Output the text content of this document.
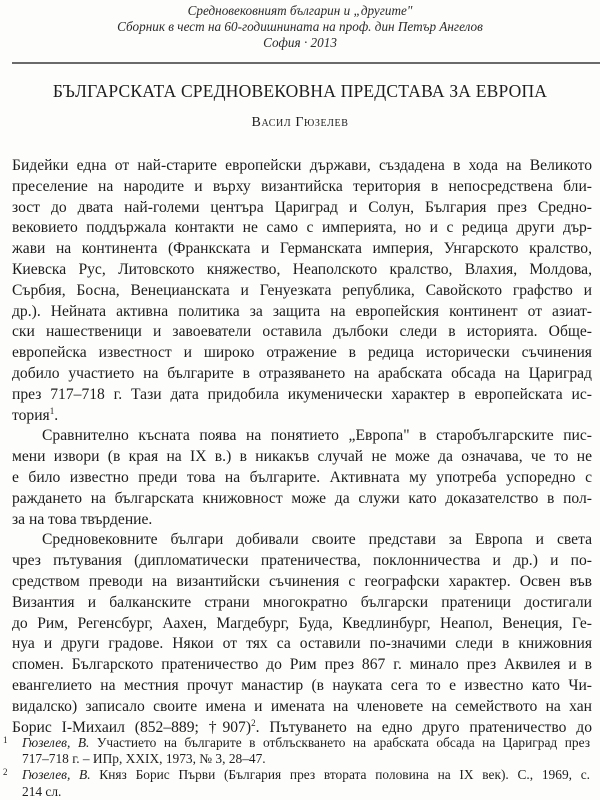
Средновековният българин и „другите"
Сборник в чест на 60-годишнината на проф. дин Петър Ангелов
София · 2013
БЪЛГАРСКАТА СРЕДНОВЕКОВНА ПРЕДСТАВА ЗА ЕВРОПА
Васил Гюзелев
Бидейки една от най-старите европейски държави, създадена в хода на Великото
преселение на народите и върху византийска територия в непосредствена бли-
зост до двата най-големи центъра Цариград и Солун, България през Средно-
вековието поддържала контакти не само с империята, но и с редица други дър-
жави на континента (Франкската и Германската империя, Унгарското кралство,
Киевска Рус, Литовското княжество, Неаполското кралство, Влахия, Молдова,
Сърбия, Босна, Венецианската и Генуезката република, Савойското графство и
др.). Нейната активна политика за защита на европейския континент от азиат-
ски нашественици и завоеватели оставила дълбоки следи в историята. Обще-
европейска известност и широко отражение в редица исторически съчинения
добило участието на българите в отразяването на арабската обсада на Цариград
през 717–718 г. Тази дата придобила икуменически характер в европейската ис-
тория$^1$.
Сравнително късната поява на понятието „Европа" в старобългарските пис-
мени извори (в края на IX в.) в никакъв случай не може да означава, че то не
е било известно преди това на българите. Активната му употреба успоредно с
раждането на българската книжовност може да служи като доказателство в пол-
за на това твърдение.
Средновековните българи добивали своите представи за Европа и света
чрез пътувания (дипломатически пратеничества, поклонничества и др.) и по-
средством преводи на византийски съчинения с географски характер. Освен във
Византия и балканските страни многократно български пратеници достигали
до Рим, Регенсбург, Аахен, Магдебург, Буда, Кведлинбург, Неапол, Венеция, Ге-
нуа и други градове. Някои от тях са оставили по-значими следи в книжовния
спомен. Българското пратеничество до Рим през 867 г. минало през Аквилея и в
евангелието на местния прочут манастир (в науката сега то е известно като Чи-
видалско) записало своите имена и имената на членовете на семейството на хан
Борис I-Михаил (852–889; †907)$^2$. Пътуването на едно друго пратеничество до
1 Гюзелев, В. Участието на българите в отблъскването на арабската обсада на Цариград през
717–718 г. – ИПр, XXIX, 1973, № 3, 28–47.
2 Гюзелев, В. Княз Борис Първи (България през втората половина на IX век). С., 1969, с.
214 сл.
